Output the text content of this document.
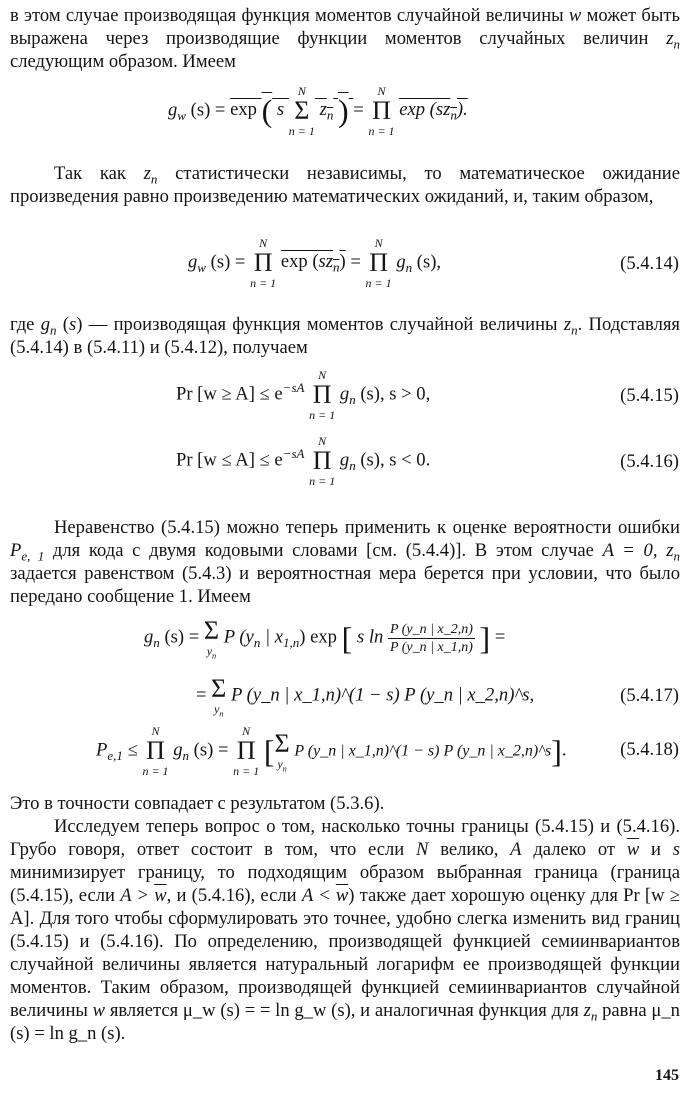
в этом случае производящая функция моментов случайной величины w может быть выражена через производящие функции моментов случайных величин $z_n$ следующим образом. Имеем

$g_w$ (s) = exp ( s
N
Σ
n = 1
$z_n$ ) =
N
Π
n = 1
$\exp (sz_n)$.

Так как $z_n$ статистически независимы, то математическое ожидание произведения равно произведению математических ожиданий, и, таким образом,

$g_w$ (s) =
N
Π
n = 1
$\exp (sz_n)$ =
N
Π
n = 1
$g_n$ (s),	(5.4.14)

где $g_n$ (s) — производящая функция моментов случайной величины $z_n$. Подставляя (5.4.14) в (5.4.11) и (5.4.12), получаем

Pr $[w \ge A] \le e^{-sA}$
N
Π
n = 1
$g_n$ (s), s > 0,	(5.4.15)
Pr $[w \le A] \le e^{-sA}$
N
Π
n = 1
$g_n$ (s), s < 0.	(5.4.16)

Неравенство (5.4.15) можно теперь применить к оценке вероятности ошибки $P_{e, 1}$ для кода с двумя кодовыми словами [см. (5.4.4)]. В этом случае A = 0, $z_n$ задается равенством (5.4.3) и вероятностная мера берется при условии, что было передано сообщение 1. Имеем

$g_n$ (s) = Σ
$y_n$
P ($y_n$ | $x_{1,n}$) exp [ s $\ln \frac{P (y\_n | x\_2,n)}{P (y\_n | x\_1,n)}$ ] =
= Σ
$y_n$
P (y_n | x_1,n)^(1 − s) P (y_n | x_2,n)^s,	(5.4.17)
$P_{e,1}$ ≤
N
Π
n = 1
$g_n$ (s) =
N
Π
n = 1
[ Σ
$y_n$
P (y_n | x_1,n)^(1 − s) P (y_n | x_2,n)^s].	(5.4.18)

Это в точности совпадает с результатом (5.3.6).

Исследуем теперь вопрос о том, насколько точны границы (5.4.15) и (5.4.16). Грубо говоря, ответ состоит в том, что если N велико, A далеко от $\overline{w}$ и s минимизирует границу, то подходящим образом выбранная граница (граница (5.4.15), если $A > \overline{w}$, и (5.4.16), если $A < \overline{w}$) также дает хорошую оценку для Pr [w ≥ A]. Для того чтобы сформулировать это точнее, удобно слегка изменить вид границ (5.4.15) и (5.4.16). По определению, производящей функцией семиинвариантов случайной величины является натуральный логарифм ее производящей функции моментов. Таким образом, производящей функцией семиинвариантов случайной величины w является μ_w (s) = = ln g_w (s), и аналогичная функция для $z_n$ равна μ_n (s) = ln g_n (s).

145
